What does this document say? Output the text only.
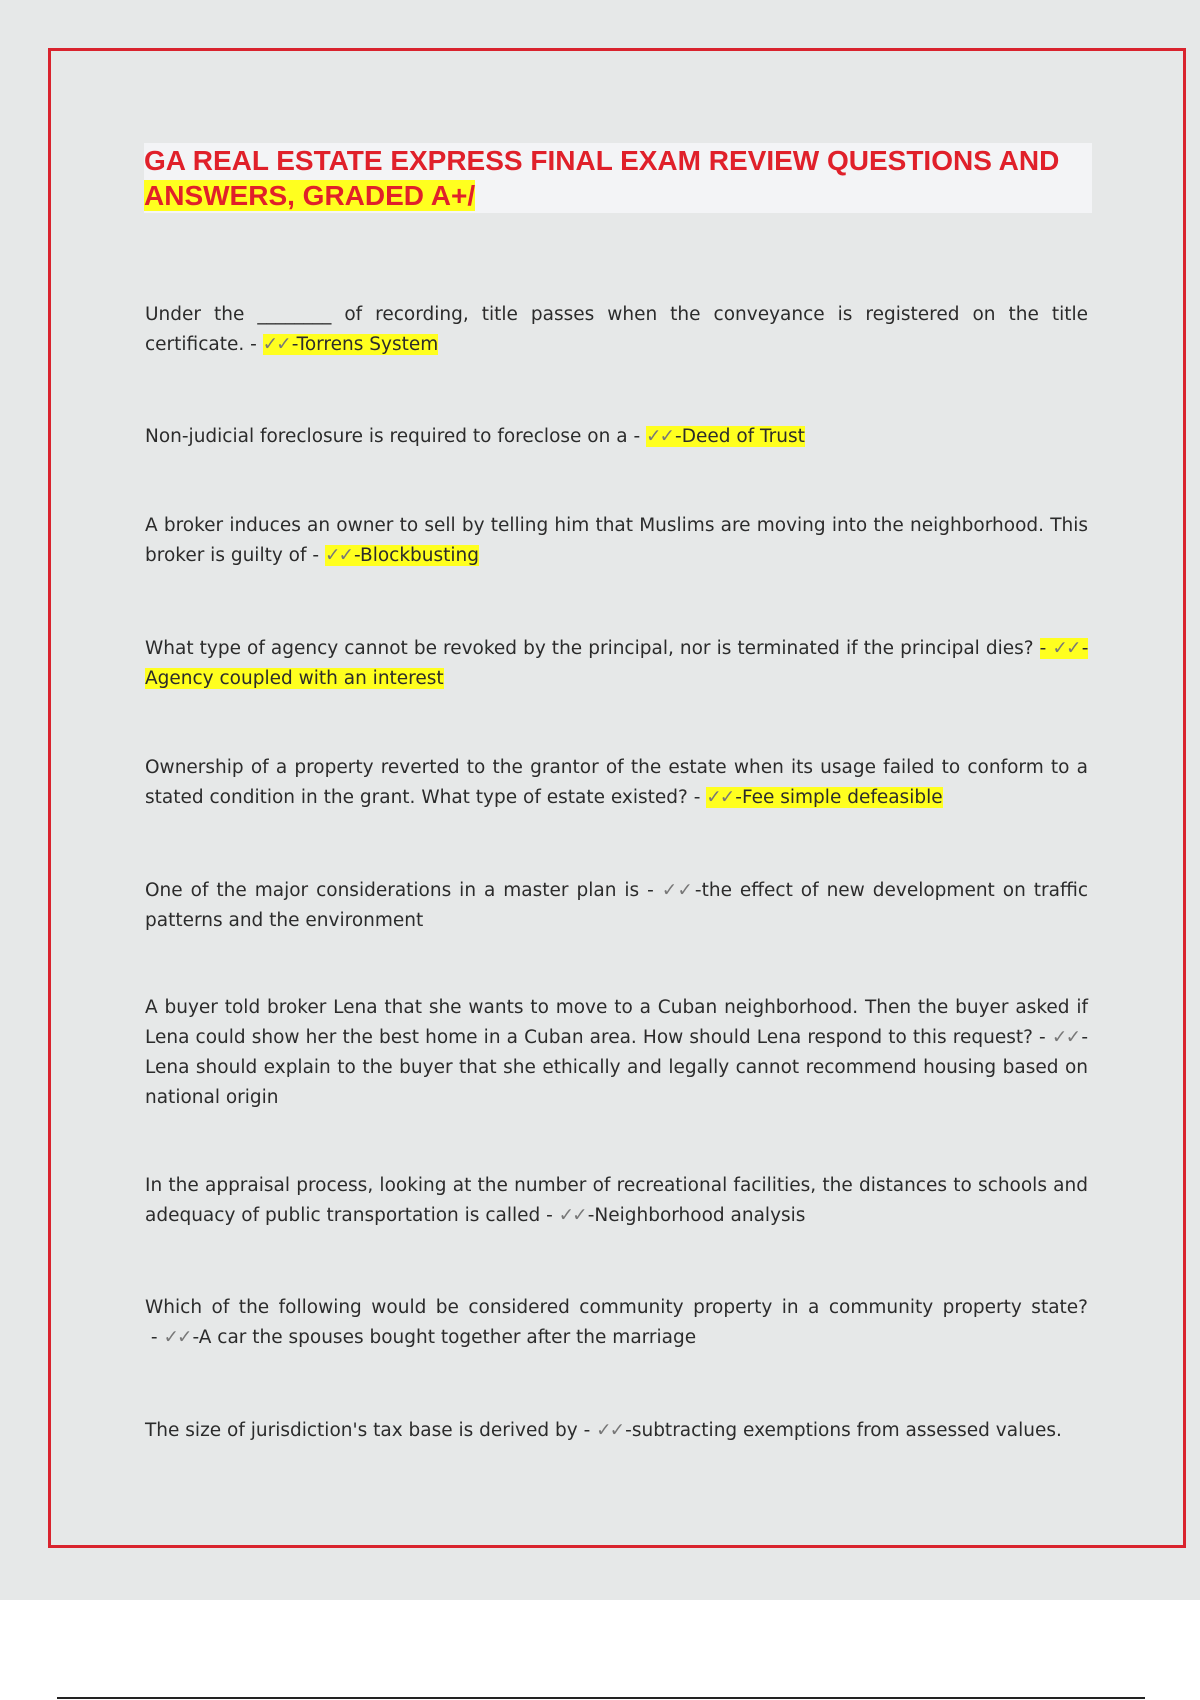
GA REAL ESTATE EXPRESS FINAL EXAM REVIEW QUESTIONS AND
ANSWERS, GRADED A+/

Under the ________ of recording, title passes when the conveyance is registered on the title certificate. - ✓✓ -Torrens System

Non-judicial foreclosure is required to foreclose on a - ✓✓ -Deed of Trust

A broker induces an owner to sell by telling him that Muslims are moving into the neighborhood. This broker is guilty of - ✓✓ -Blockbusting

What type of agency cannot be revoked by the principal, nor is terminated if the principal dies? - ✓✓ -Agency coupled with an interest

Ownership of a property reverted to the grantor of the estate when its usage failed to conform to a stated condition in the grant. What type of estate existed? - ✓✓ -Fee simple defeasible

One of the major considerations in a master plan is - ✓✓ -the effect of new development on traffic patterns and the environment

A buyer told broker Lena that she wants to move to a Cuban neighborhood. Then the buyer asked if Lena could show her the best home in a Cuban area. How should Lena respond to this request? - ✓✓ -Lena should explain to the buyer that she ethically and legally cannot recommend housing based on national origin

In the appraisal process, looking at the number of recreational facilities, the distances to schools and adequacy of public transportation is called - ✓✓ -Neighborhood analysis

Which of the following would be considered community property in a community property state? - ✓✓ -A car the spouses bought together after the marriage

The size of jurisdiction's tax base is derived by - ✓✓ -subtracting exemptions from assessed values.
